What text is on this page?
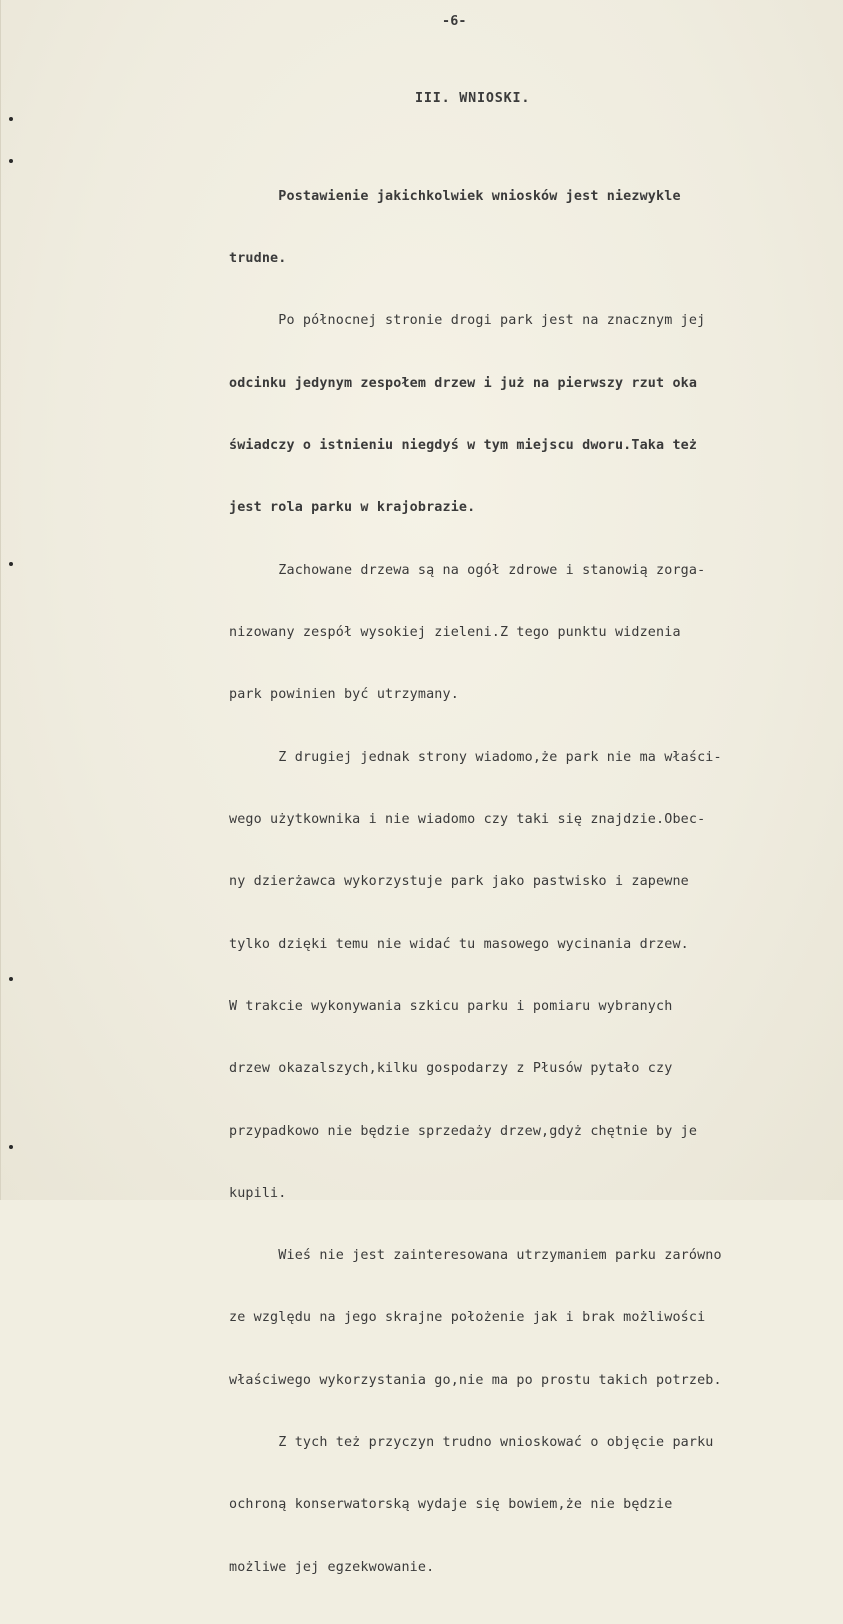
-6-
III. WNIOSKI.

Postawienie jakichkolwiek wniosków jest niezwykle

trudne.

Po północnej stronie drogi park jest na znacznym jej

odcinku jedynym zespołem drzew i już na pierwszy rzut oka

świadczy o istnieniu niegdyś w tym miejscu dworu.Taka też

jest rola parku w krajobrazie.

Zachowane drzewa są na ogół zdrowe i stanowią zorga-

nizowany zespół wysokiej zieleni.Z tego punktu widzenia

park powinien być utrzymany.

Z drugiej jednak strony wiadomo,że park nie ma właści-

wego użytkownika i nie wiadomo czy taki się znajdzie.Obec-

ny dzierżawca wykorzystuje park jako pastwisko i zapewne

tylko dzięki temu nie widać tu masowego wycinania drzew.

W trakcie wykonywania szkicu parku i pomiaru wybranych

drzew okazalszych,kilku gospodarzy z Płusów pytało czy

przypadkowo nie będzie sprzedaży drzew,gdyż chętnie by je

kupili.

Wieś nie jest zainteresowana utrzymaniem parku zarówno

ze względu na jego skrajne położenie jak i brak możliwości

właściwego wykorzystania go,nie ma po prostu takich potrzeb.

Z tych też przyczyn trudno wnioskować o objęcie parku

ochroną konserwatorską wydaje się bowiem,że nie będzie

możliwe jej egzekwowanie.
